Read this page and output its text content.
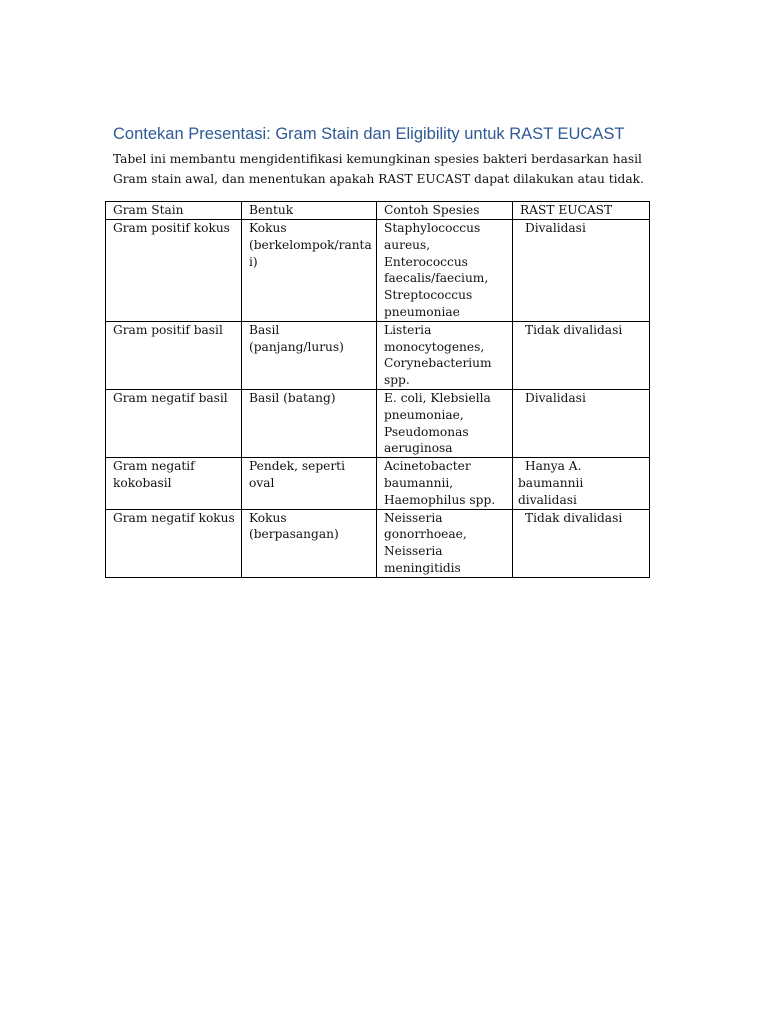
Contekan Presentasi: Gram Stain dan Eligibility untuk RAST EUCAST

Tabel ini membantu mengidentifikasi kemungkinan spesies bakteri berdasarkan hasil Gram stain awal, dan menentukan apakah RAST EUCAST dapat dilakukan atau tidak.

Gram Stain	Bentuk	Contoh Spesies	RAST EUCAST
Gram positif kokus	Kokus (berkelompok/rantai)	Staphylococcus aureus, Enterococcus faecalis/faecium, Streptococcus pneumoniae	Divalidasi
Gram positif basil	Basil (panjang/lurus)	Listeria monocytogenes, Corynebacterium spp.	Tidak divalidasi
Gram negatif basil	Basil (batang)	E. coli, Klebsiella pneumoniae, Pseudomonas aeruginosa	Divalidasi
Gram negatif kokobasil	Pendek, seperti oval	Acinetobacter baumannii, Haemophilus spp.	Hanya A. baumannii divalidasi
Gram negatif kokus	Kokus (berpasangan)	Neisseria gonorrhoeae, Neisseria meningitidis	Tidak divalidasi
